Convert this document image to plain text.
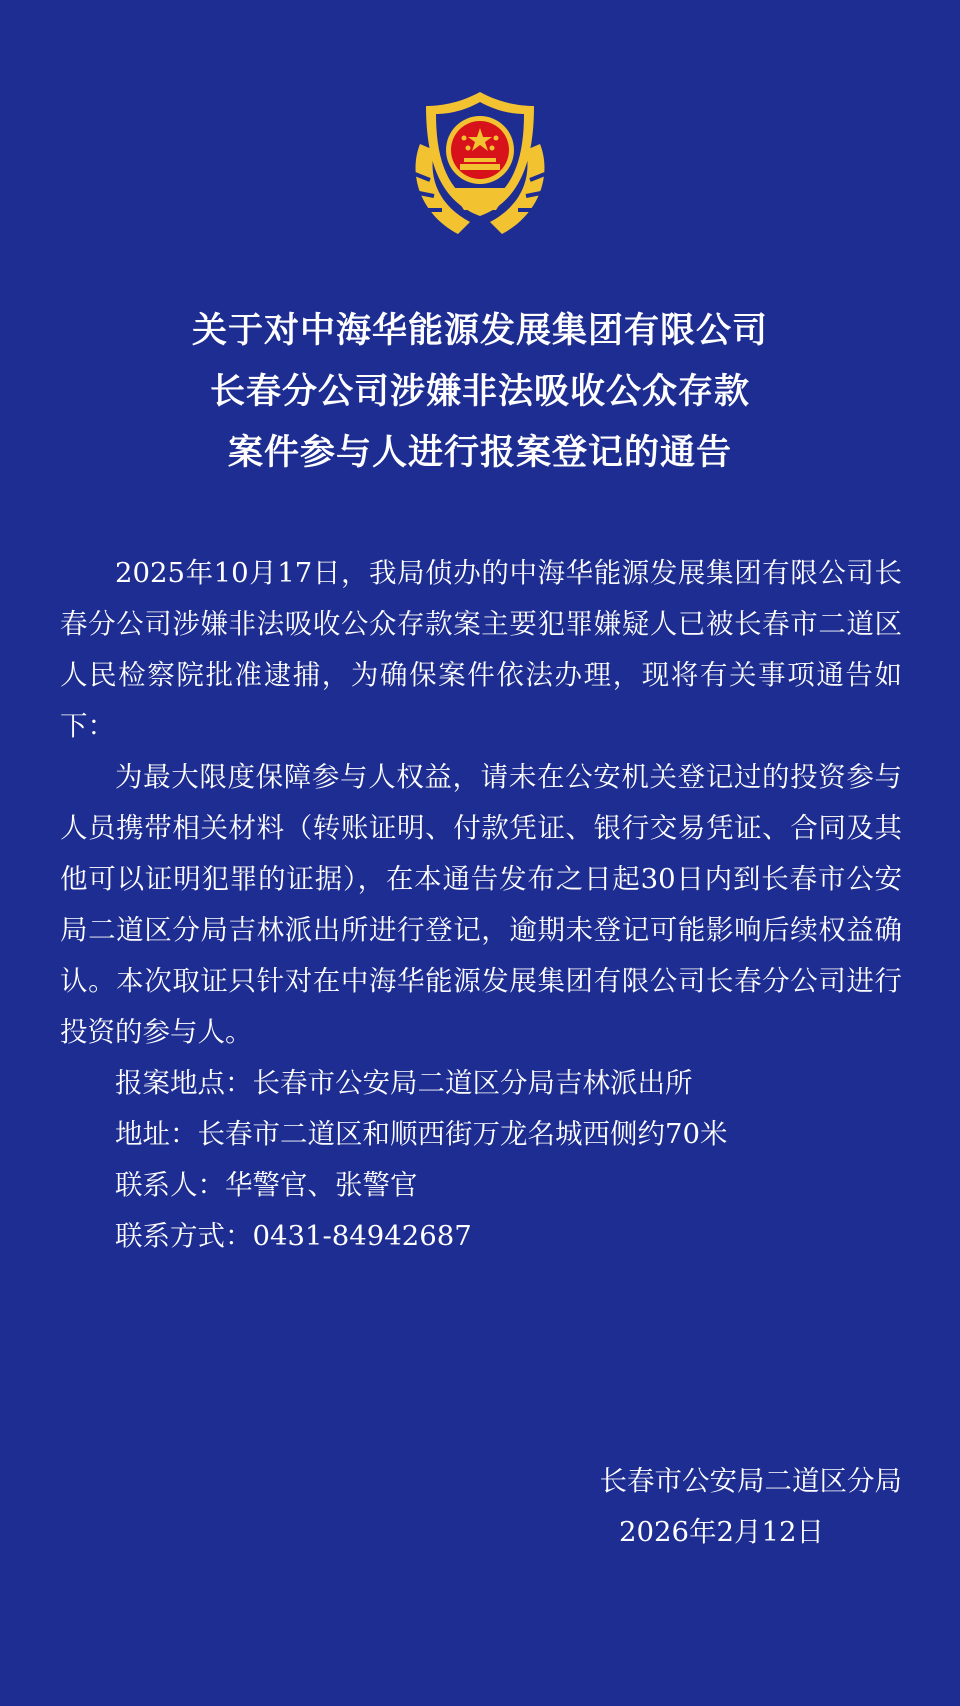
关于对中海华能源发展集团有限公司
长春分公司涉嫌非法吸收公众存款
案件参与人进行报案登记的通告

2025年10月17日，我局侦办的中海华能源发展集团有限公司长春分公司涉嫌非法吸收公众存款案主要犯罪嫌疑人已被长春市二道区人民检察院批准逮捕，为确保案件依法办理，现将有关事项通告如下：

为最大限度保障参与人权益，请未在公安机关登记过的投资参与人员携带相关材料（转账证明、付款凭证、银行交易凭证、合同及其他可以证明犯罪的证据），在本通告发布之日起30日内到长春市公安局二道区分局吉林派出所进行登记，逾期未登记可能影响后续权益确认。本次取证只针对在中海华能源发展集团有限公司长春分公司进行投资的参与人。

报案地点：长春市公安局二道区分局吉林派出所
地址：长春市二道区和顺西街万龙名城西侧约70米
联系人：华警官、张警官
联系方式：0431-84942687
长春市公安局二道区分局
2026年2月12日
